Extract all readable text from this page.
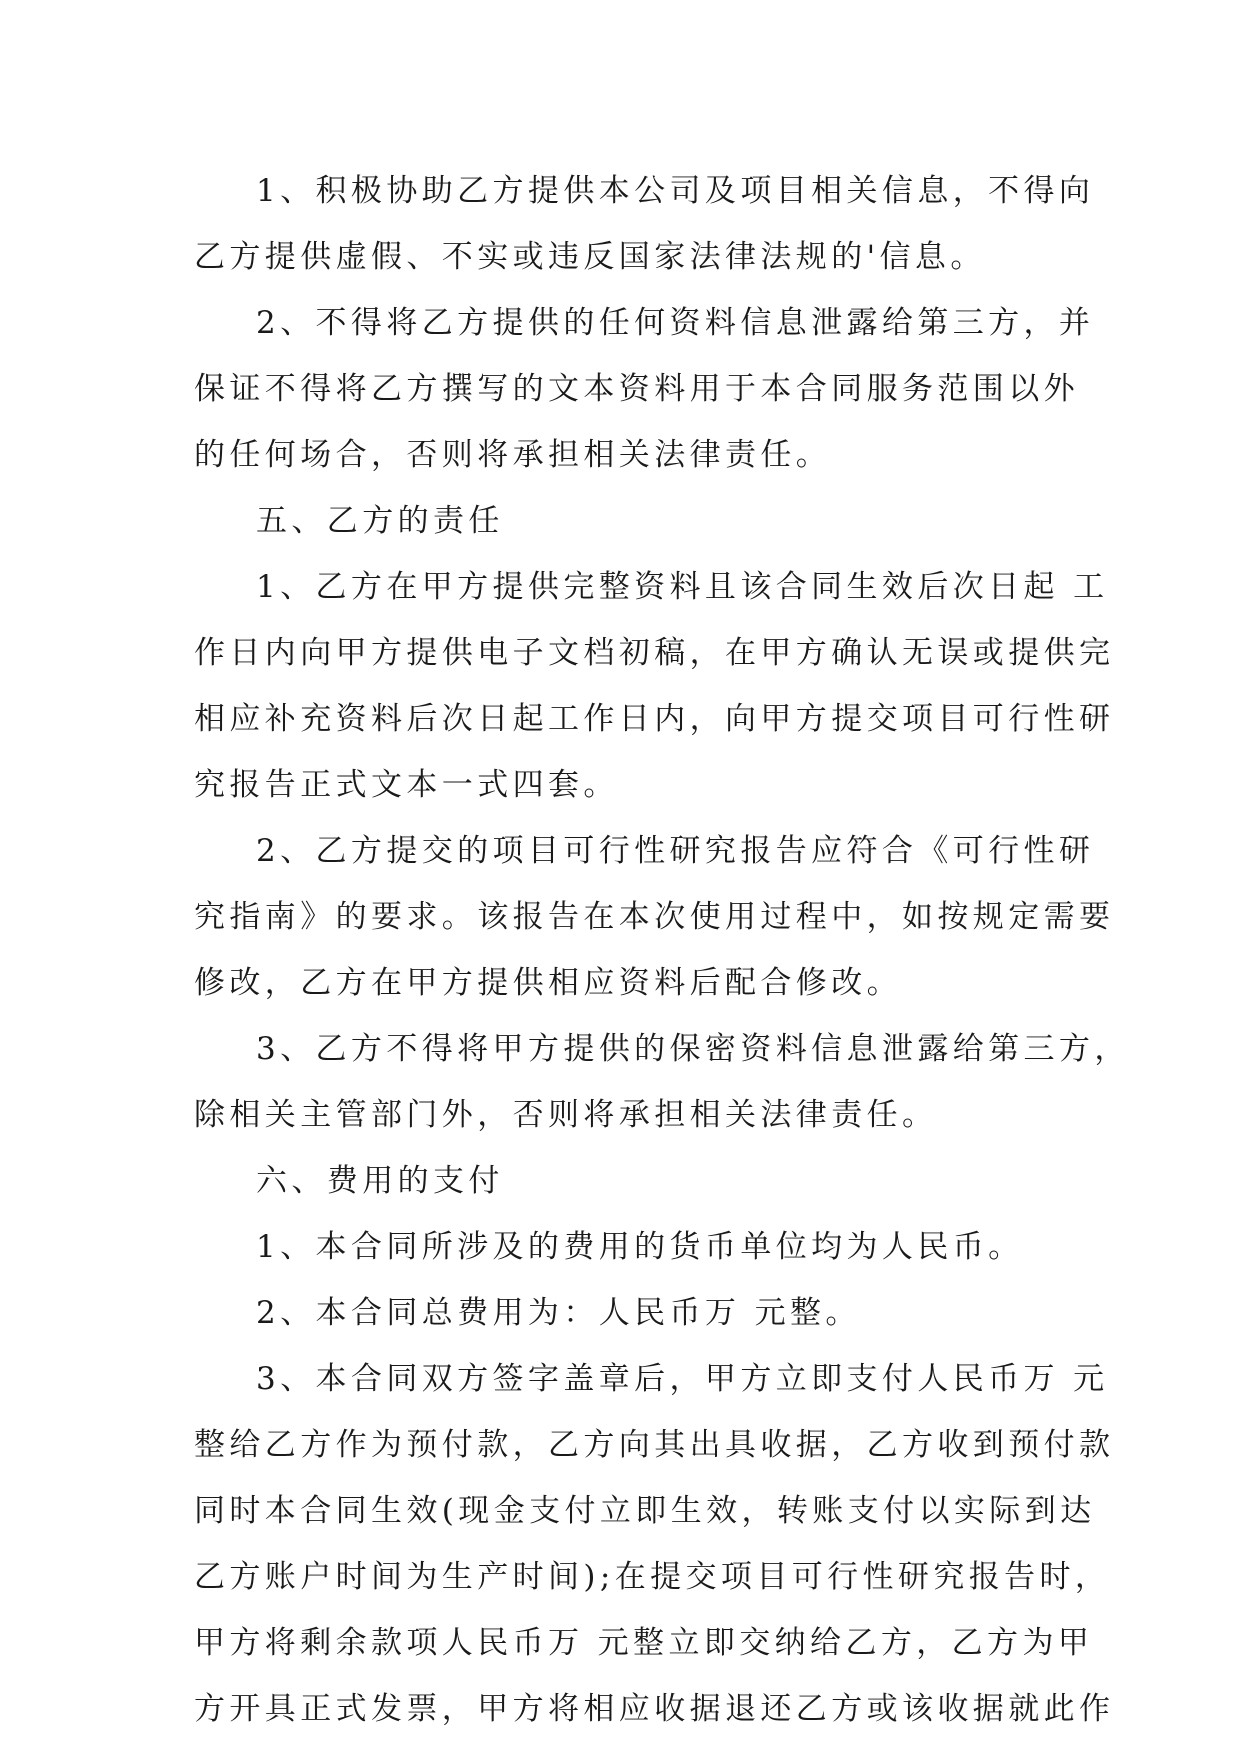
1、积极协助乙方提供本公司及项目相关信息，不得向
乙方提供虚假、不实或违反国家法律法规的'信息。
2、不得将乙方提供的任何资料信息泄露给第三方，并
保证不得将乙方撰写的文本资料用于本合同服务范围以外
的任何场合，否则将承担相关法律责任。
五、乙方的责任
1、乙方在甲方提供完整资料且该合同生效后次日起 工
作日内向甲方提供电子文档初稿，在甲方确认无误或提供完
相应补充资料后次日起工作日内，向甲方提交项目可行性研
究报告正式文本一式四套。
2、乙方提交的项目可行性研究报告应符合《可行性研
究指南》的要求。该报告在本次使用过程中，如按规定需要
修改，乙方在甲方提供相应资料后配合修改。
3、乙方不得将甲方提供的保密资料信息泄露给第三方，
除相关主管部门外，否则将承担相关法律责任。
六、费用的支付
1、本合同所涉及的费用的货币单位均为人民币。
2、本合同总费用为：人民币万 元整。
3、本合同双方签字盖章后，甲方立即支付人民币万 元
整给乙方作为预付款，乙方向其出具收据，乙方收到预付款
同时本合同生效(现金支付立即生效，转账支付以实际到达
乙方账户时间为生产时间);在提交项目可行性研究报告时，
甲方将剩余款项人民币万 元整立即交纳给乙方，乙方为甲
方开具正式发票，甲方将相应收据退还乙方或该收据就此作
